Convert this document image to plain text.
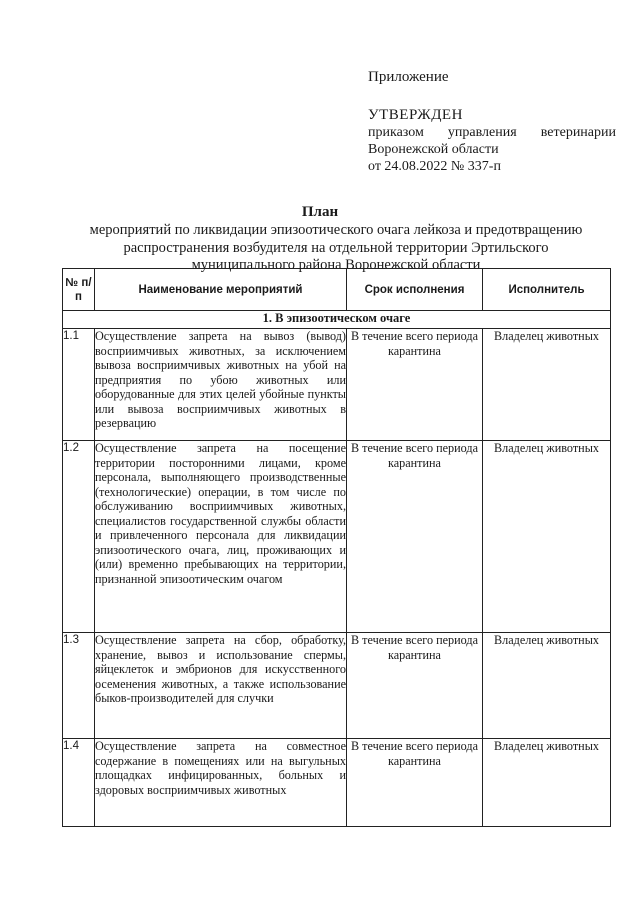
Приложение
УТВЕРЖДЕН
приказом управления ветеринарии
Воронежской области
от 24.08.2022 № 337-п
План
мероприятий по ликвидации эпизоотического очага лейкоза и предотвращению распространения возбудителя на отдельной территории Эртильского муниципального района Воронежской области
№ п/п	Наименование мероприятий	Срок исполнения	Исполнитель
1. В эпизоотическом очаге			
1.1	Осуществление запрета на вывоз (вывод) восприимчивых животных, за исключением вывоза восприимчивых животных на убой на предприятия по убою животных или оборудованные для этих целей убойные пункты или вывоза восприимчивых животных в резервацию	В течение всего периода карантина	Владелец животных
1.2	Осуществление запрета на посещение территории посторонними лицами, кроме персонала, выполняющего производственные (технологические) операции, в том числе по обслуживанию восприимчивых животных, специалистов государственной службы области и привлеченного персонала для ликвидации эпизоотического очага, лиц, проживающих и (или) временно пребывающих на территории, признанной эпизоотическим очагом	В течение всего периода карантина	Владелец животных
1.3	Осуществление запрета на сбор, обработку, хранение, вывоз и использование спермы, яйцеклеток и эмбрионов для искусственного осеменения животных, а также использование быков-производителей для случки	В течение всего периода карантина	Владелец животных
1.4	Осуществление запрета на совместное содержание в помещениях или на выгульных площадках инфицированных, больных и здоровых восприимчивых животных	В течение всего периода карантина	Владелец животных
